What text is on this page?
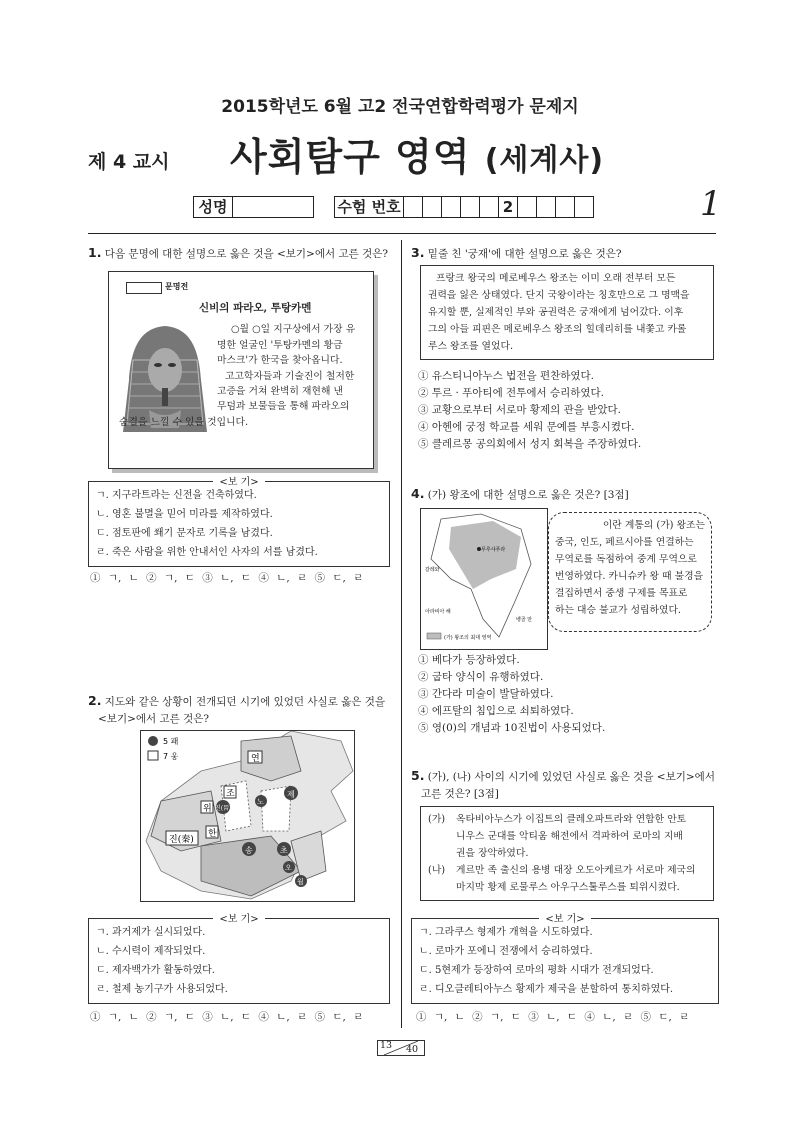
2015학년도 6월 고2 전국연합학력평가 문제지
제 4 교시 사회탐구 영역 (세계사)
성명	수험 번호	2	1
1. 다음 문명에 대한 설명으로 옳은 것을 <보기>에서 고른 것은?
문명전
신비의 파라오, 투탕카멘
○월 ○일 지구상에서 가장 유
명한 얼굴인 '투탕카멘의 황금
마스크'가 한국을 찾아옵니다.
고고학자들과 기술진이 철저한
고증을 거쳐 완벽히 재현해 낸
무덤과 보물들을 통해 파라오의
숨결을 느낄 수 있을 것입니다.
<보 기>
ㄱ. 지구라트라는 신전을 건축하였다.
ㄴ. 영혼 불멸을 믿어 미라를 제작하였다.
ㄷ. 점토판에 쐐기 문자로 기록을 남겼다.
ㄹ. 죽은 사람을 위한 안내서인 사자의 서를 남겼다.
① ㄱ, ㄴ ② ㄱ, ㄷ ③ ㄴ, ㄷ ④ ㄴ, ㄹ ⑤ ㄷ, ㄹ
2. 지도와 같은 상황이 전개되던 시기에 있었던 사실로 옳은 것을
<보기>에서 고른 것은?
5 패
7 웅	연
조
위 진(晉)
한
송
노
초
진(秦)
오
월
제
<보 기>
ㄱ. 과거제가 실시되었다.
ㄴ. 수시력이 제작되었다.
ㄷ. 제자백가가 활동하였다.
ㄹ. 철제 농기구가 사용되었다.
① ㄱ, ㄴ ② ㄱ, ㄷ ③ ㄴ, ㄷ ④ ㄴ, ㄹ ⑤ ㄷ, ㄹ
3. 밑줄 친 '궁재'에 대한 설명으로 옳은 것은?
프랑크 왕국의 메로베우스 왕조는 이미 오래 전부터 모든
권력을 잃은 상태였다. 단지 국왕이라는 칭호만으로 그 명맥을
유지할 뿐, 실제적인 부와 공권력은 궁재에게 넘어갔다. 이후
그의 아들 피핀은 메로베우스 왕조의 힐데리히를 내쫓고 카롤
루스 왕조를 열었다.
① 유스티니아누스 법전을 편찬하였다.
② 투르 · 푸아티에 전투에서 승리하였다.
③ 교황으로부터 서로마 황제의 관을 받았다.
④ 아헨에 궁정 학교를 세워 문예를 부흥시켰다.
⑤ 클레르몽 공의회에서 성지 회복을 주장하였다.
4. (가) 왕조에 대한 설명으로 옳은 것은? [3점]
푸루샤푸라
갈레와
아라비아 해
벵골 만
(가) 왕조의 최대 영역
이란 계통의 (가) 왕조는
중국, 인도, 페르시아를 연결하는
무역로를 독점하여 중계 무역으로
번영하였다. 카니슈카 왕 때 불경을
결집하면서 중생 구제를 목표로
하는 대승 불교가 성립하였다.
① 베다가 등장하였다.
② 굽타 양식이 유행하였다.
③ 간다라 미술이 발달하였다.
④ 에프탈의 침입으로 쇠퇴하였다.
⑤ 영(0)의 개념과 10진법이 사용되었다.
5. (가), (나) 사이의 시기에 있었던 사실로 옳은 것을 <보기>에서
고른 것은? [3점]
(가)	옥타비아누스가 이집트의 클레오파트라와 연합한 안토
니우스 군대를 악티움 해전에서 격파하여 로마의 지배
권을 장악하였다.
(나)	게르만 족 출신의 용병 대장 오도아케르가 서로마 제국의
마지막 황제 로물루스 아우구스툴루스를 퇴위시켰다.
<보 기>
ㄱ. 그라쿠스 형제가 개혁을 시도하였다.
ㄴ. 로마가 포에니 전쟁에서 승리하였다.
ㄷ. 5현제가 등장하여 로마의 평화 시대가 전개되었다.
ㄹ. 디오클레티아누스 황제가 제국을 분할하여 통치하였다.
① ㄱ, ㄴ ② ㄱ, ㄷ ③ ㄴ, ㄷ ④ ㄴ, ㄹ ⑤ ㄷ, ㄹ
13 40
